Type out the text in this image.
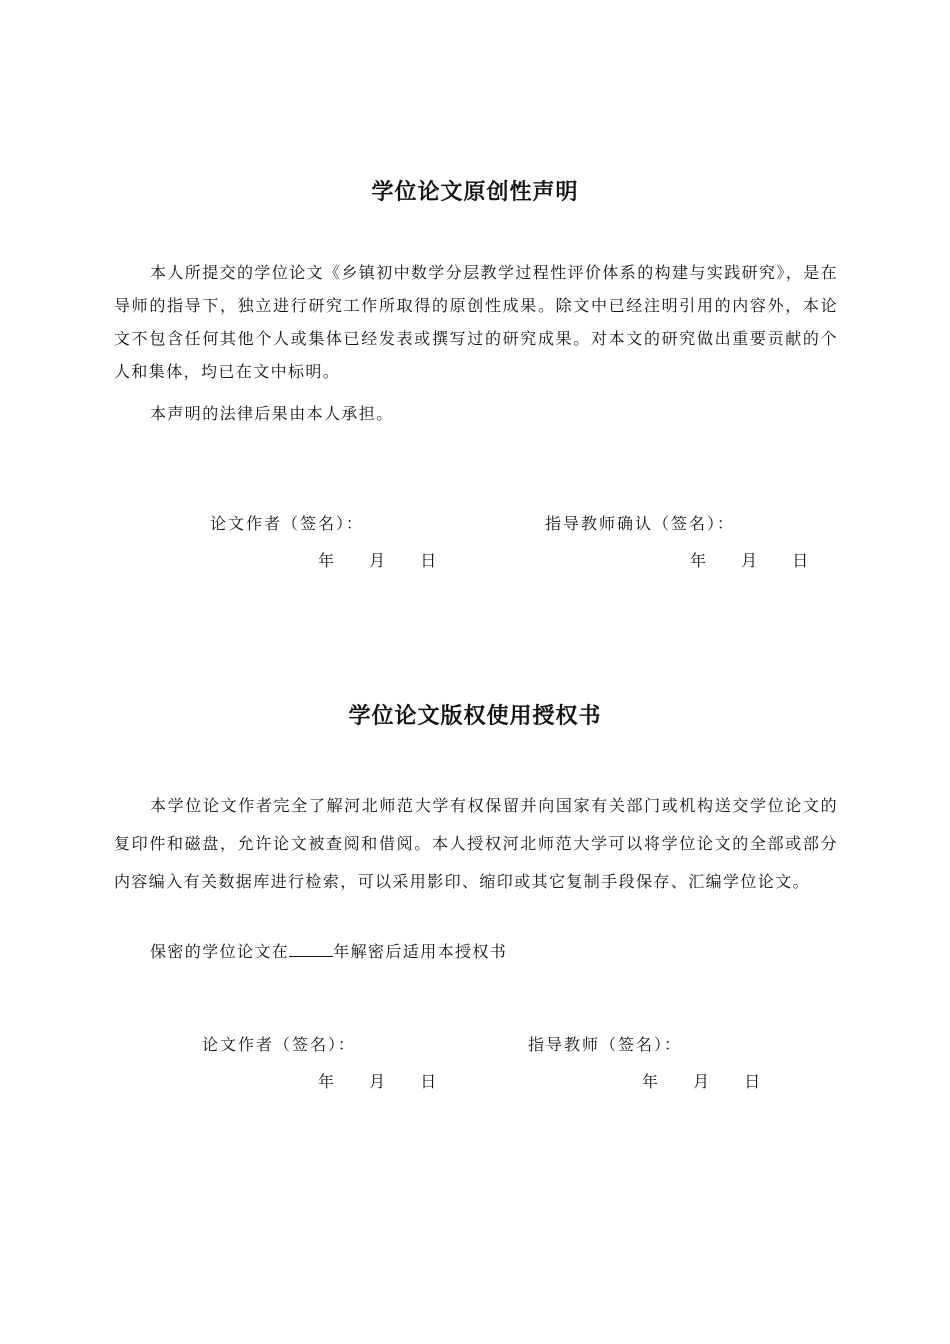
学位论文原创性声明

本人所提交的学位论文《乡镇初中数学分层教学过程性评价体系的构建与实践研究》，是在导师的指导下，独立进行研究工作所取得的原创性成果。除文中已经注明引用的内容外，本论文不包含任何其他个人或集体已经发表或撰写过的研究成果。对本文的研究做出重要贡献的个人和集体，均已在文中标明。

本声明的法律后果由本人承担。

论文作者（签名）：	指导教师确认（签名）：

年 月 日	年 月 日
学位论文版权使用授权书

本学位论文作者完全了解河北师范大学有权保留并向国家有关部门或机构送交学位论文的复印件和磁盘，允许论文被查阅和借阅。本人授权河北师范大学可以将学位论文的全部或部分内容编入有关数据库进行检索，可以采用影印、缩印或其它复制手段保存、汇编学位论文。

保密的学位论文在	年解密后适用本授权书

论文作者（签名）：	指导教师（签名）：

年 月 日	年 月 日
